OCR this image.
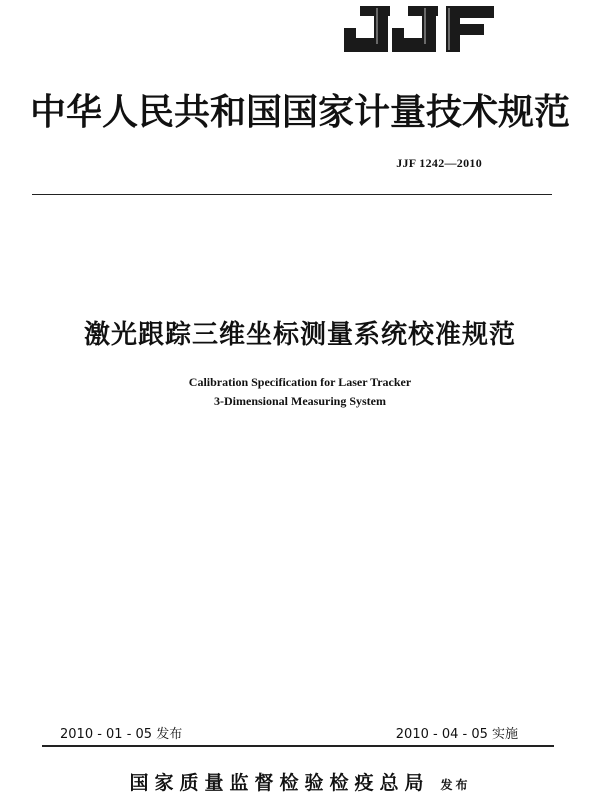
中华人民共和国国家计量技术规范
JJF 1242—2010
激光跟踪三维坐标测量系统校准规范
Calibration Specification for Laser Tracker
3-Dimensional Measuring System
2010 - 01 - 05 发布	2010 - 04 - 05 实施
国家质量监督检验检疫总局 发布
